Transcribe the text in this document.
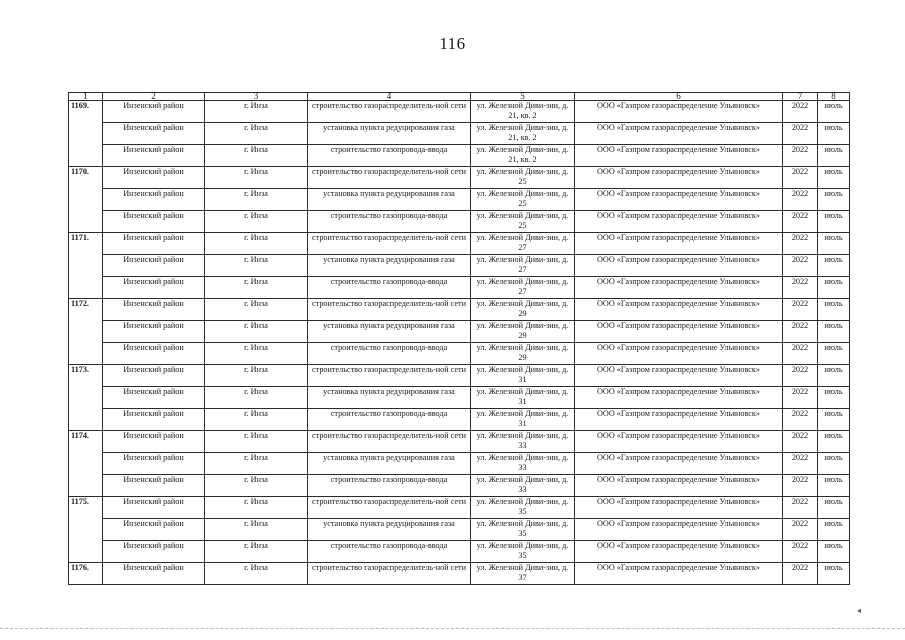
116
1	2	3	4	5	6	7	8
1169.	Инзенский район	г. Инза	строительство газораспределитель-ной сети	ул. Железной Диви-зии, д. 21, кв. 2	ООО «Газпром газораспределение Ульяновск»	2022	июль
	Инзенский район	г. Инза	установка пункта редуцирования газа	ул. Железной Диви-зии, д. 21, кв. 2	ООО «Газпром газораспределение Ульяновск»	2022	июль
	Инзенский район	г. Инза	строительство газопровода-ввода	ул. Железной Диви-зии, д. 21, кв. 2	ООО «Газпром газораспределение Ульяновск»	2022	июль
1170.	Инзенский район	г. Инза	строительство газораспределитель-ной сети	ул. Железной Диви-зии, д. 25	ООО «Газпром газораспределение Ульяновск»	2022	июль
	Инзенский район	г. Инза	установка пункта редуцирования газа	ул. Железной Диви-зии, д. 25	ООО «Газпром газораспределение Ульяновск»	2022	июль
	Инзенский район	г. Инза	строительство газопровода-ввода	ул. Железной Диви-зии, д. 25	ООО «Газпром газораспределение Ульяновск»	2022	июль
1171.	Инзенский район	г. Инза	строительство газораспределитель-ной сети	ул. Железной Диви-зии, д. 27	ООО «Газпром газораспределение Ульяновск»	2022	июль
	Инзенский район	г. Инза	установка пункта редуцирования газа	ул. Железной Диви-зии, д. 27	ООО «Газпром газораспределение Ульяновск»	2022	июль
	Инзенский район	г. Инза	строительство газопровода-ввода	ул. Железной Диви-зии, д. 27	ООО «Газпром газораспределение Ульяновск»	2022	июль
1172.	Инзенский район	г. Инза	строительство газораспределитель-ной сети	ул. Железной Диви-зии, д. 29	ООО «Газпром газораспределение Ульяновск»	2022	июль
	Инзенский район	г. Инза	установка пункта редуцирования газа	ул. Железной Диви-зии, д. 29	ООО «Газпром газораспределение Ульяновск»	2022	июль
	Инзенский район	г. Инза	строительство газопровода-ввода	ул. Железной Диви-зии, д. 29	ООО «Газпром газораспределение Ульяновск»	2022	июль
1173.	Инзенский район	г. Инза	строительство газораспределитель-ной сети	ул. Железной Диви-зии, д. 31	ООО «Газпром газораспределение Ульяновск»	2022	июль
	Инзенский район	г. Инза	установка пункта редуцирования газа	ул. Железной Диви-зии, д. 31	ООО «Газпром газораспределение Ульяновск»	2022	июль
	Инзенский район	г. Инза	строительство газопровода-ввода	ул. Железной Диви-зии, д. 31	ООО «Газпром газораспределение Ульяновск»	2022	июль
1174.	Инзенский район	г. Инза	строительство газораспределитель-ной сети	ул. Железной Диви-зии, д. 33	ООО «Газпром газораспределение Ульяновск»	2022	июль
	Инзенский район	г. Инза	установка пункта редуцирования газа	ул. Железной Диви-зии, д. 33	ООО «Газпром газораспределение Ульяновск»	2022	июль
	Инзенский район	г. Инза	строительство газопровода-ввода	ул. Железной Диви-зии, д. 33	ООО «Газпром газораспределение Ульяновск»	2022	июль
1175.	Инзенский район	г. Инза	строительство газораспределитель-ной сети	ул. Железной Диви-зии, д. 35	ООО «Газпром газораспределение Ульяновск»	2022	июль
	Инзенский район	г. Инза	установка пункта редуцирования газа	ул. Железной Диви-зии, д. 35	ООО «Газпром газораспределение Ульяновск»	2022	июль
	Инзенский район	г. Инза	строительство газопровода-ввода	ул. Железной Диви-зии, д. 35	ООО «Газпром газораспределение Ульяновск»	2022	июль
1176.	Инзенский район	г. Инза	строительство газораспределитель-ной сети	ул. Железной Диви-зии, д. 37	ООО «Газпром газораспределение Ульяновск»	2022	июль
◂
